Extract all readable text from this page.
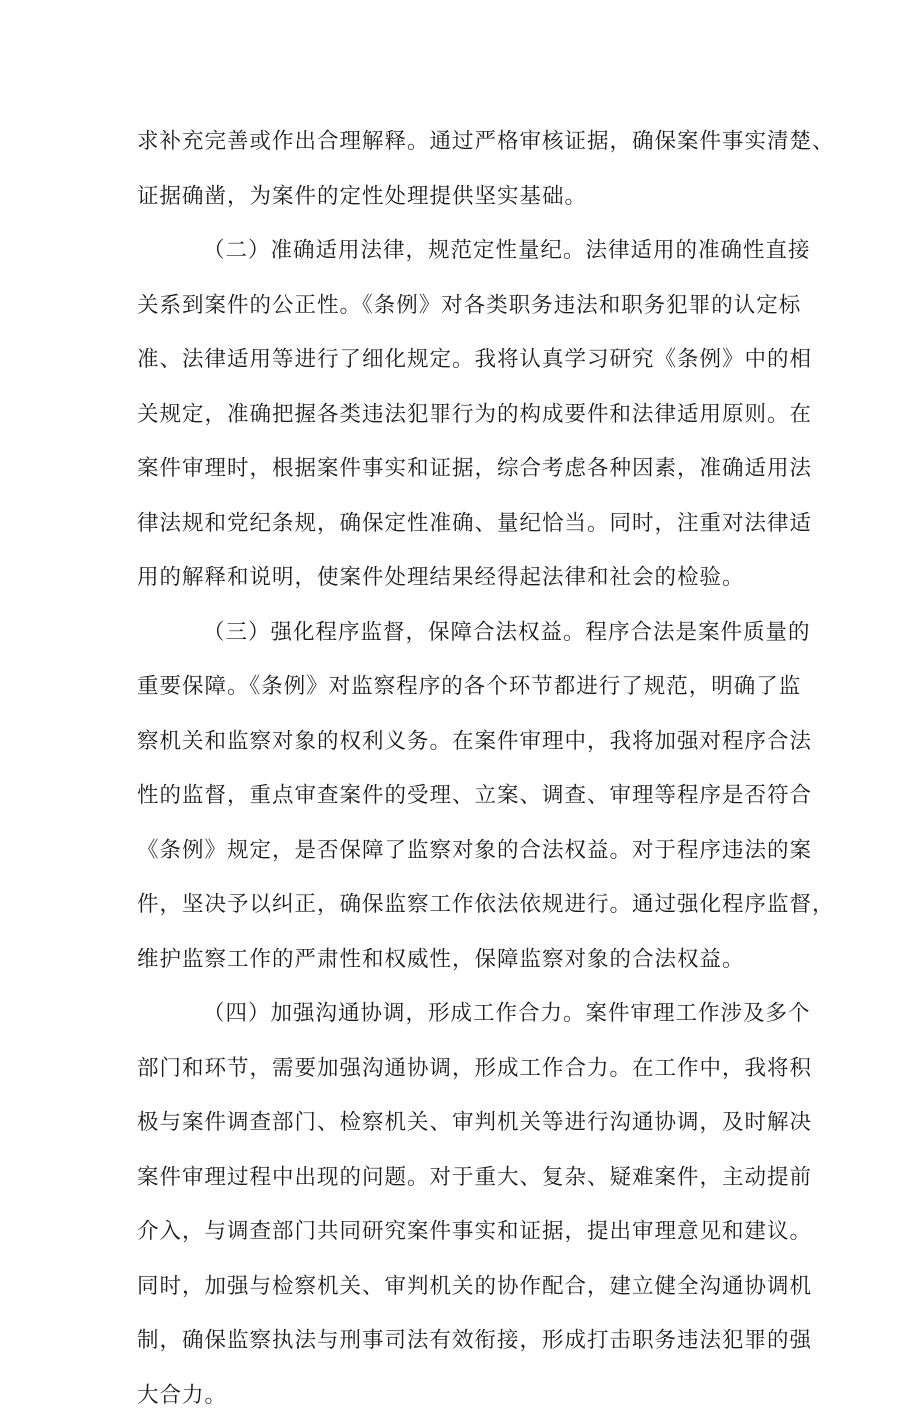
求补充完善或作出合理解释。通过严格审核证据，确保案件事实清楚、
证据确凿，为案件的定性处理提供坚实基础。
（二）准确适用法律，规范定性量纪。法律适用的准确性直接
关系到案件的公正性。《条例》对各类职务违法和职务犯罪的认定标
准、法律适用等进行了细化规定。我将认真学习研究《条例》中的相
关规定，准确把握各类违法犯罪行为的构成要件和法律适用原则。在
案件审理时，根据案件事实和证据，综合考虑各种因素，准确适用法
律法规和党纪条规，确保定性准确、量纪恰当。同时，注重对法律适
用的解释和说明，使案件处理结果经得起法律和社会的检验。
（三）强化程序监督，保障合法权益。程序合法是案件质量的
重要保障。《条例》对监察程序的各个环节都进行了规范，明确了监
察机关和监察对象的权利义务。在案件审理中，我将加强对程序合法
性的监督，重点审查案件的受理、立案、调查、审理等程序是否符合
《条例》规定，是否保障了监察对象的合法权益。对于程序违法的案
件，坚决予以纠正，确保监察工作依法依规进行。通过强化程序监督，
维护监察工作的严肃性和权威性，保障监察对象的合法权益。
（四）加强沟通协调，形成工作合力。案件审理工作涉及多个
部门和环节，需要加强沟通协调，形成工作合力。在工作中，我将积
极与案件调查部门、检察机关、审判机关等进行沟通协调，及时解决
案件审理过程中出现的问题。对于重大、复杂、疑难案件，主动提前
介入，与调查部门共同研究案件事实和证据，提出审理意见和建议。
同时，加强与检察机关、审判机关的协作配合，建立健全沟通协调机
制，确保监察执法与刑事司法有效衔接，形成打击职务违法犯罪的强
大合力。
